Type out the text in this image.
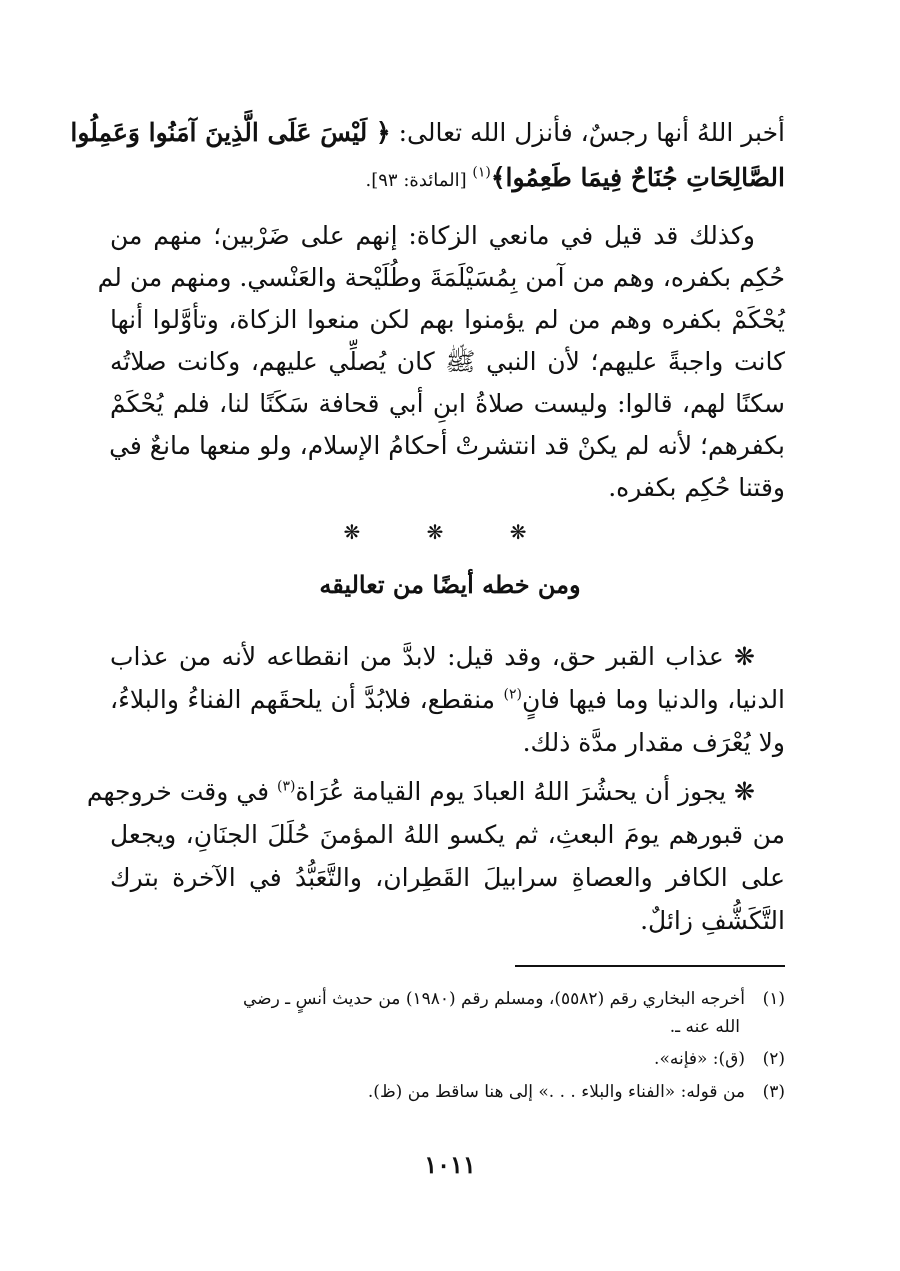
أخبر اللهُ أنها رجسٌ، فأنزل الله تعالى: ﴿ لَيْسَ عَلَى الَّذِينَ آمَنُوا وَعَمِلُوا
الصَّالِحَاتِ جُنَاحٌ فِيمَا طَعِمُوا﴾$^{(١)}$ [المائدة: ٩٣].
وكذلك قد قيل في مانعي الزكاة: إنهم على ضَرْبين؛ منهم من
حُكِم بكفره، وهم من آمن بِمُسَيْلَمَةَ وطُلَيْحة والعَنْسي. ومنهم من لم
يُحْكَمْ بكفره وهم من لم يؤمنوا بهم لكن منعوا الزكاة، وتأوَّلوا أنها
كانت واجبةً عليهم؛ لأن النبي ﷺ كان يُصلِّي عليهم، وكانت صلاتُه
سكنًا لهم، قالوا: وليست صلاةُ ابنِ أبي قحافة سَكَنًا لنا، فلم يُحْكَمْ
بكفرهم؛ لأنه لم يكنْ قد انتشرتْ أحكامُ الإسلام، ولو منعها مانعٌ في
وقتنا حُكِم بكفره.
❋ ❋ ❋
ومن خطه أيضًا من تعاليقه
❋ عذاب القبر حق، وقد قيل: لابدَّ من انقطاعه لأنه من عذاب
الدنيا، والدنيا وما فيها فانٍ$^{(٢)}$ منقطع، فلابُدَّ أن يلحقَهم الفناءُ والبلاءُ،
ولا يُعْرَف مقدار مدَّة ذلك.
❋ يجوز أن يحشُرَ اللهُ العبادَ يوم القيامة عُرَاة$^{(٣)}$ في وقت خروجهم
من قبورهم يومَ البعثِ، ثم يكسو اللهُ المؤمنَ حُلَلَ الجنَانِ، ويجعل
على الكافر والعصاةِ سرابيلَ القَطِران، والتَّعَبُّدُ في الآخرة بترك
التَّكَشُّفِ زائلٌ.
(١)أخرجه البخاري رقم (٥٥٨٢)، ومسلم رقم (١٩٨٠) من حديث أنسٍ ـ رضي
الله عنه ـ.
(٢)(ق): «فإنه».
(٣)من قوله: «الفناء والبلاء . . .» إلى هنا ساقط من (ظ).
١٠١١
